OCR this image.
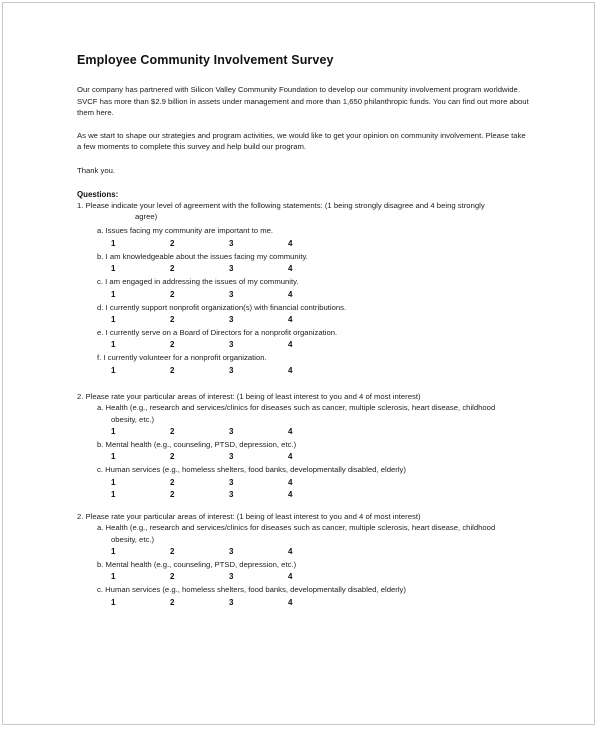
Employee Community Involvement Survey

Our company has partnered with Silicon Valley Community Foundation to develop our community involvement program worldwide. SVCF has more than $2.9 billion in assets under management and more than 1,650 philanthropic funds. You can find out more about them here.

As we start to shape our strategies and program activities, we would like to get your opinion on community involvement. Please take a few moments to complete this survey and help build our program.

Thank you.

Questions:

1. Please indicate your level of agreement with the following statements: (1 being strongly disagree and 4 being strongly

agree)

a. Issues facing my community are important to me.

1	2	3	4

b. I am knowledgeable about the issues facing my community.

1	2	3	4

c. I am engaged in addressing the issues of my community.

1	2	3	4

d. I currently support nonprofit organization(s) with financial contributions.

1	2	3	4

e. I currently serve on a Board of Directors for a nonprofit organization.

1	2	3	4

f. I currently volunteer for a nonprofit organization.

1	2	3	4

2. Please rate your particular areas of interest: (1 being of least interest to you and 4 of most interest)

a. Health (e.g., research and services/clinics for diseases such as cancer, multiple sclerosis, heart disease, childhood

obesity, etc.)

1	2	3	4

b. Mental health (e.g., counseling, PTSD, depression, etc.)

1	2	3	4

c. Human services (e.g., homeless shelters, food banks, developmentally disabled, elderly)

1	2	3	4
1	2	3	4

2. Please rate your particular areas of interest: (1 being of least interest to you and 4 of most interest)

a. Health (e.g., research and services/clinics for diseases such as cancer, multiple sclerosis, heart disease, childhood

obesity, etc.)

1	2	3	4

b. Mental health (e.g., counseling, PTSD, depression, etc.)

1	2	3	4

c. Human services (e.g., homeless shelters, food banks, developmentally disabled, elderly)

1	2	3	4
